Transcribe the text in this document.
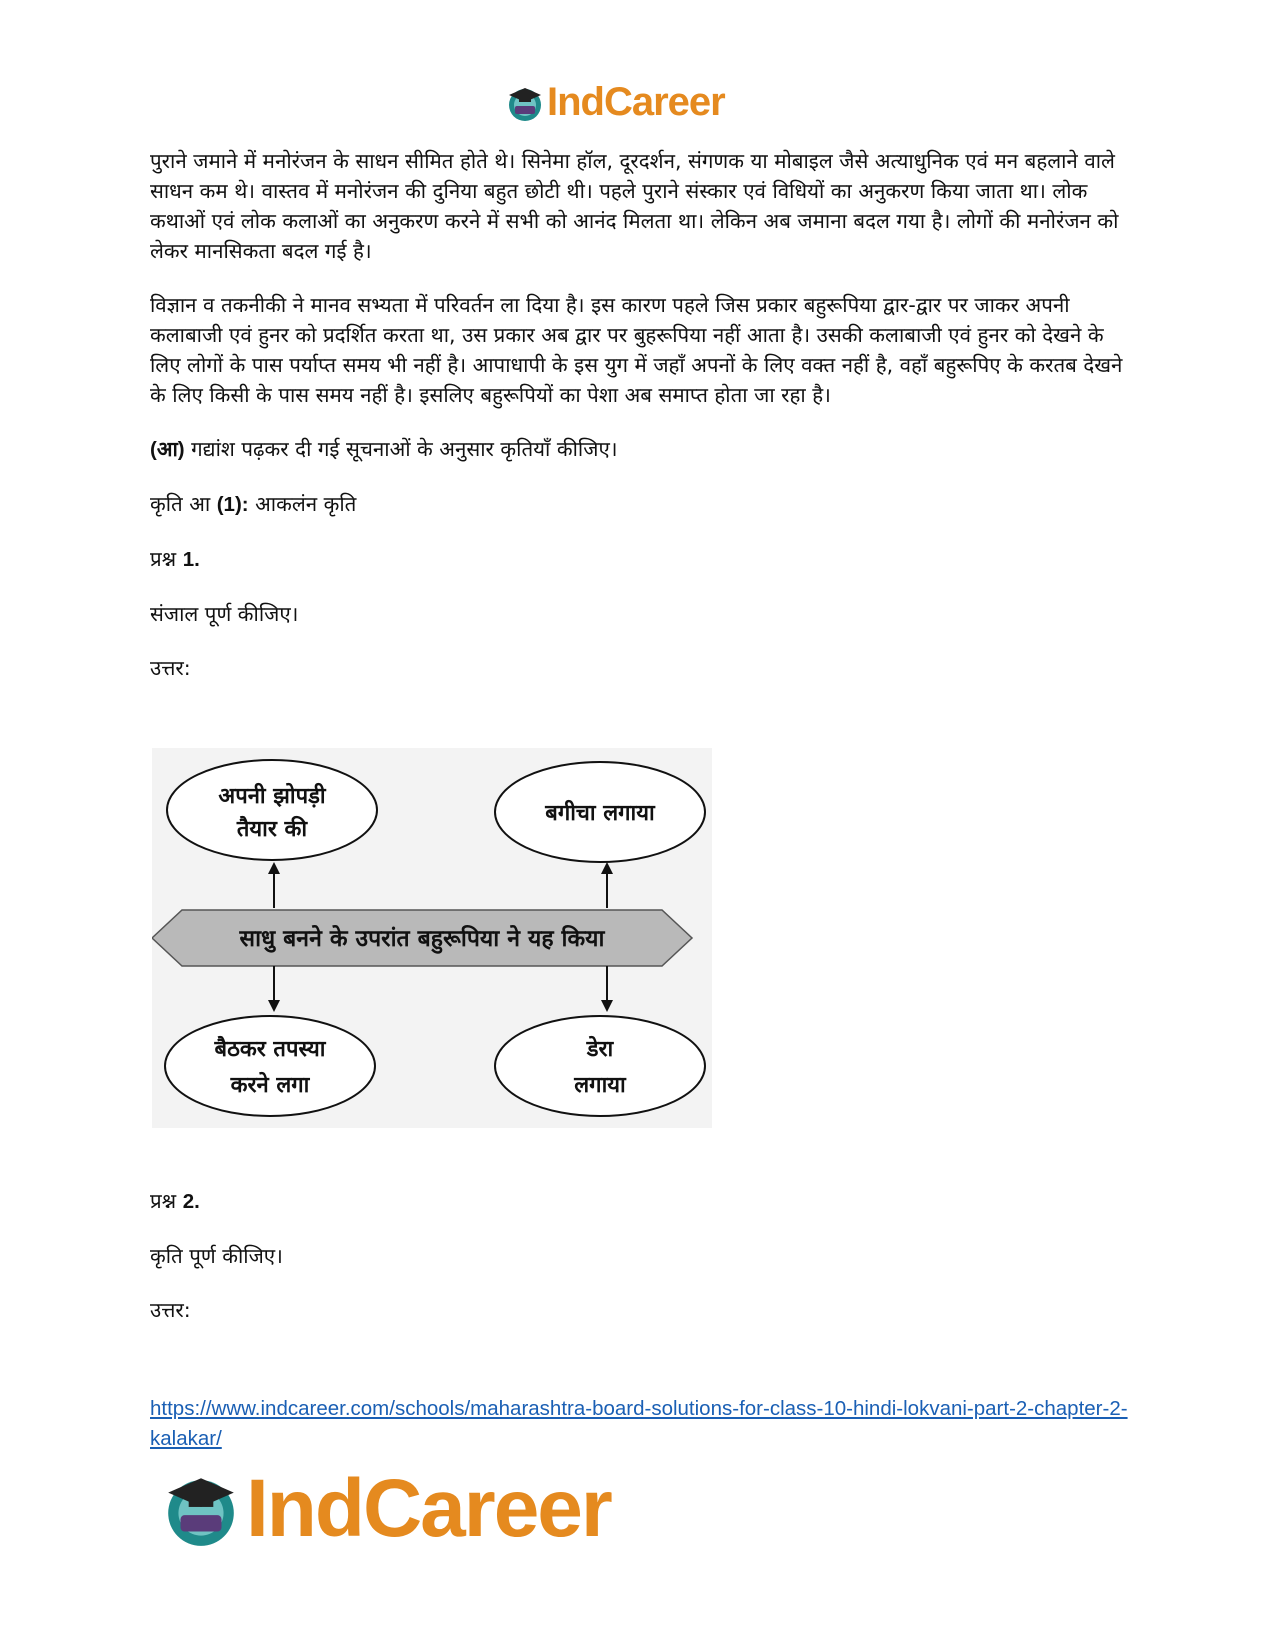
IndCareer

पुराने जमाने में मनोरंजन के साधन सीमित होते थे। सिनेमा हॉल, दूरदर्शन, संगणक या मोबाइल जैसे अत्याधुनिक एवं मन बहलाने वाले साधन कम थे। वास्तव में मनोरंजन की दुनिया बहुत छोटी थी। पहले पुराने संस्कार एवं विधियों का अनुकरण किया जाता था। लोक कथाओं एवं लोक कलाओं का अनुकरण करने में सभी को आनंद मिलता था। लेकिन अब जमाना बदल गया है। लोगों की मनोरंजन को लेकर मानसिकता बदल गई है।

विज्ञान व तकनीकी ने मानव सभ्यता में परिवर्तन ला दिया है। इस कारण पहले जिस प्रकार बहुरूपिया द्वार-द्वार पर जाकर अपनी कलाबाजी एवं हुनर को प्रदर्शित करता था, उस प्रकार अब द्वार पर बुहरूपिया नहीं आता है। उसकी कलाबाजी एवं हुनर को देखने के लिए लोगों के पास पर्याप्त समय भी नहीं है। आपाधापी के इस युग में जहाँ अपनों के लिए वक्त नहीं है, वहाँ बहुरूपिए के करतब देखने के लिए किसी के पास समय नहीं है। इसलिए बहुरूपियों का पेशा अब समाप्त होता जा रहा है।

(आ) गद्यांश पढ़कर दी गई सूचनाओं के अनुसार कृतियाँ कीजिए।

कृति आ (1): आकलंन कृति

प्रश्न 1.

संजाल पूर्ण कीजिए।

उत्तर:

अपनी झोपड़ी
तैयार की
बगीचा लगाया
साधु बनने के उपरांत बहुरूपिया ने यह किया
बैठकर तपस्या
करने लगा
डेरा
लगाया

प्रश्न 2.

कृति पूर्ण कीजिए।

उत्तर:

https://www.indcareer.com/schools/maharashtra-board-solutions-for-class-10-hindi-lokvani-part-2-chapter-2-kalakar/
IndCareer
